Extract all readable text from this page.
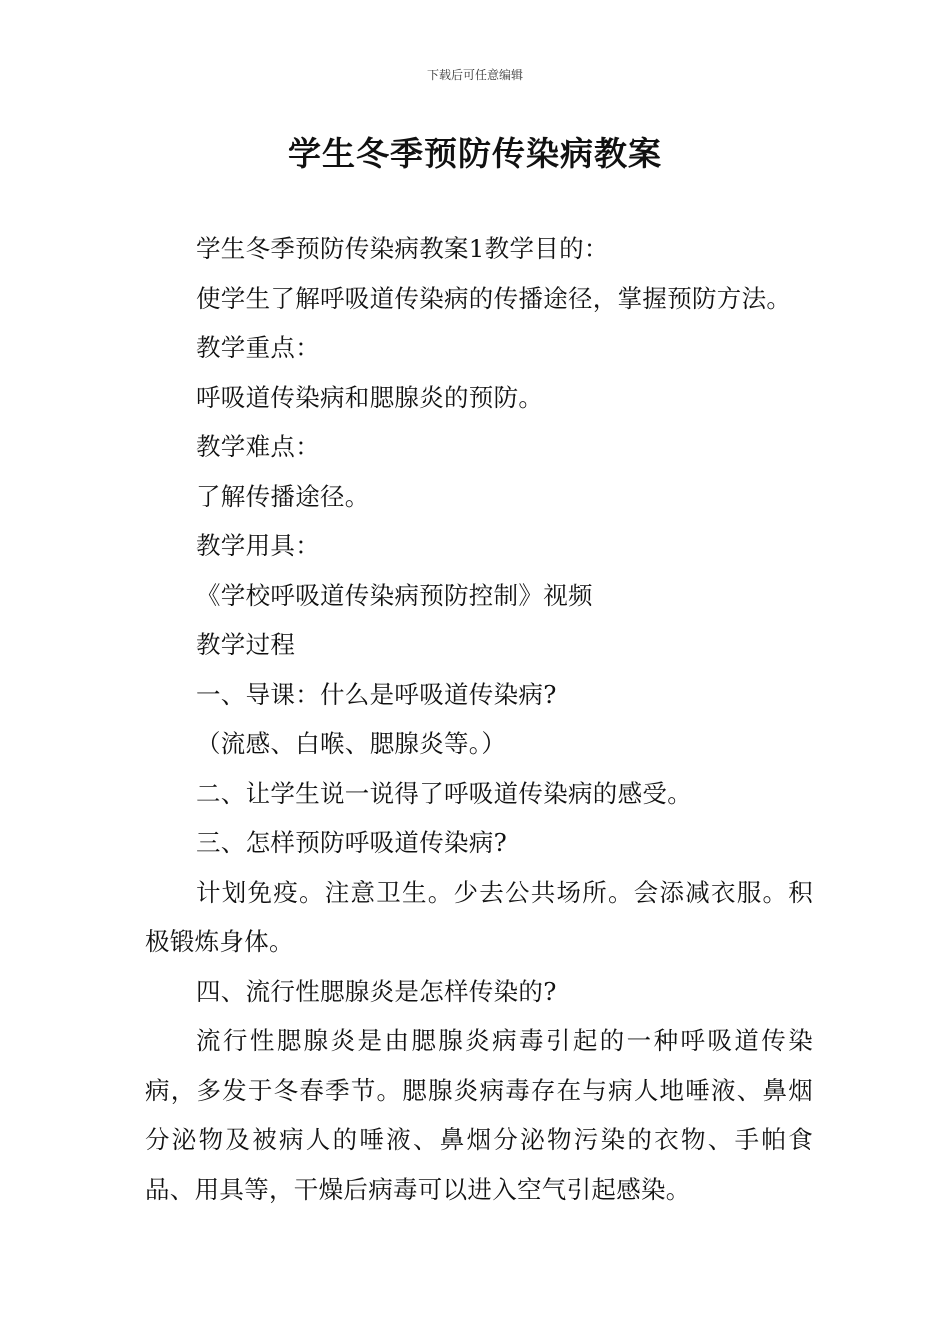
下载后可任意编辑
学生冬季预防传染病教案

学生冬季预防传染病教案1教学目的：

使学生了解呼吸道传染病的传播途径，掌握预防方法。

教学重点：

呼吸道传染病和腮腺炎的预防。

教学难点：

了解传播途径。

教学用具：

《学校呼吸道传染病预防控制》视频

教学过程

一、导课：什么是呼吸道传染病?

（流感、白喉、腮腺炎等。）

二、让学生说一说得了呼吸道传染病的感受。

三、怎样预防呼吸道传染病?

计划免疫。注意卫生。少去公共场所。会添减衣服。积极锻炼身体。

四、流行性腮腺炎是怎样传染的?

流行性腮腺炎是由腮腺炎病毒引起的一种呼吸道传染病，多发于冬春季节。腮腺炎病毒存在与病人地唾液、鼻烟分泌物及被病人的唾液、鼻烟分泌物污染的衣物、手帕食品、用具等，干燥后病毒可以进入空气引起感染。
